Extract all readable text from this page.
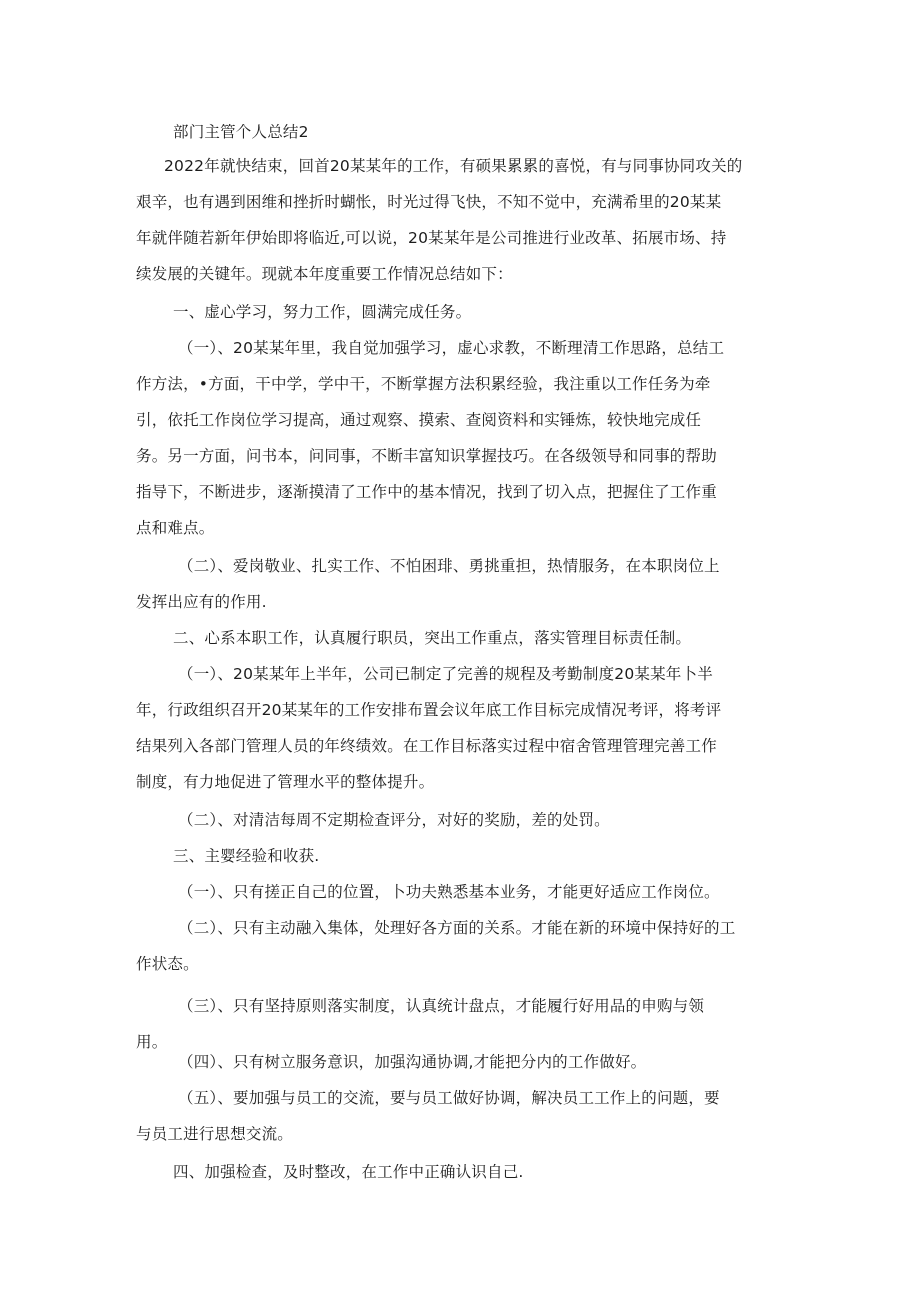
部门主管个人总结2

2022年就快结束，回首20某某年的工作，有硕果累累的喜悦，有与同事协同攻关的
艰辛，也有遇到困维和挫折时蝴怅，时光过得飞快，不知不觉中，充满希里的20某某
年就伴随若新年伊始即将临近,可以说，20某某年是公司推进行业改革、拓展市场、持
续发展的关键年。现就本年度重要工作情况总结如下：

一、虚心学习，努力工作，圆满完成任务。

（一）、20某某年里，我自觉加强学习，虚心求教，不断理清工作思路，总结工
作方法，•方面，干中学，学中干，不断掌握方法积累经验，我注重以工作任务为牵
引，依托工作岗位学习提高，通过观察、摸索、查阅资料和实锤炼，较快地完成任
务。另一方面，问书本，问同事，不断丰富知识掌握技巧。在各级领导和同事的帮助
指导下，不断进步，逐渐摸清了工作中的基本情况，找到了切入点，把握住了工作重
点和难点。

（二）、爱岗敬业、扎实工作、不怕困琲、勇挑重担，热情服务，在本职岗位上
发挥出应有的作用.

二、心系本职工作，认真履行职员，突出工作重点，落实管理目标责任制。

（一）、20某某年上半年，公司已制定了完善的规程及考勤制度20某某年卜半
年，行政组织召开20某某年的工作安排布置会议年底工作目标完成情况考评，将考评
结果列入各部门管理人员的年终绩效。在工作目标落实过程中宿舍管理管理完善工作
制度，有力地促进了管理水平的整体提升。

（二）、对清洁每周不定期检查评分，对好的奖励，差的处罚。

三、主婴经验和收获.

（一）、只有搓正自己的位置，卜功夫熟悉基本业务，才能更好适应工作岗位。

（二）、只有主动融入集体，处理好各方面的关系。才能在新的环境中保持好的工
作状态。

（三）、只有坚持原则落实制度，认真统计盘点，才能履行好用品的申购与领
用。

（四）、只有树立服务意识，加强沟通协调,才能把分内的工作做好。

（五）、要加强与员工的交流，要与员工做好协调，解决员工工作上的问题，要
与员工进行思想交流。

四、加强检查，及时整改，在工作中正确认识自己.
